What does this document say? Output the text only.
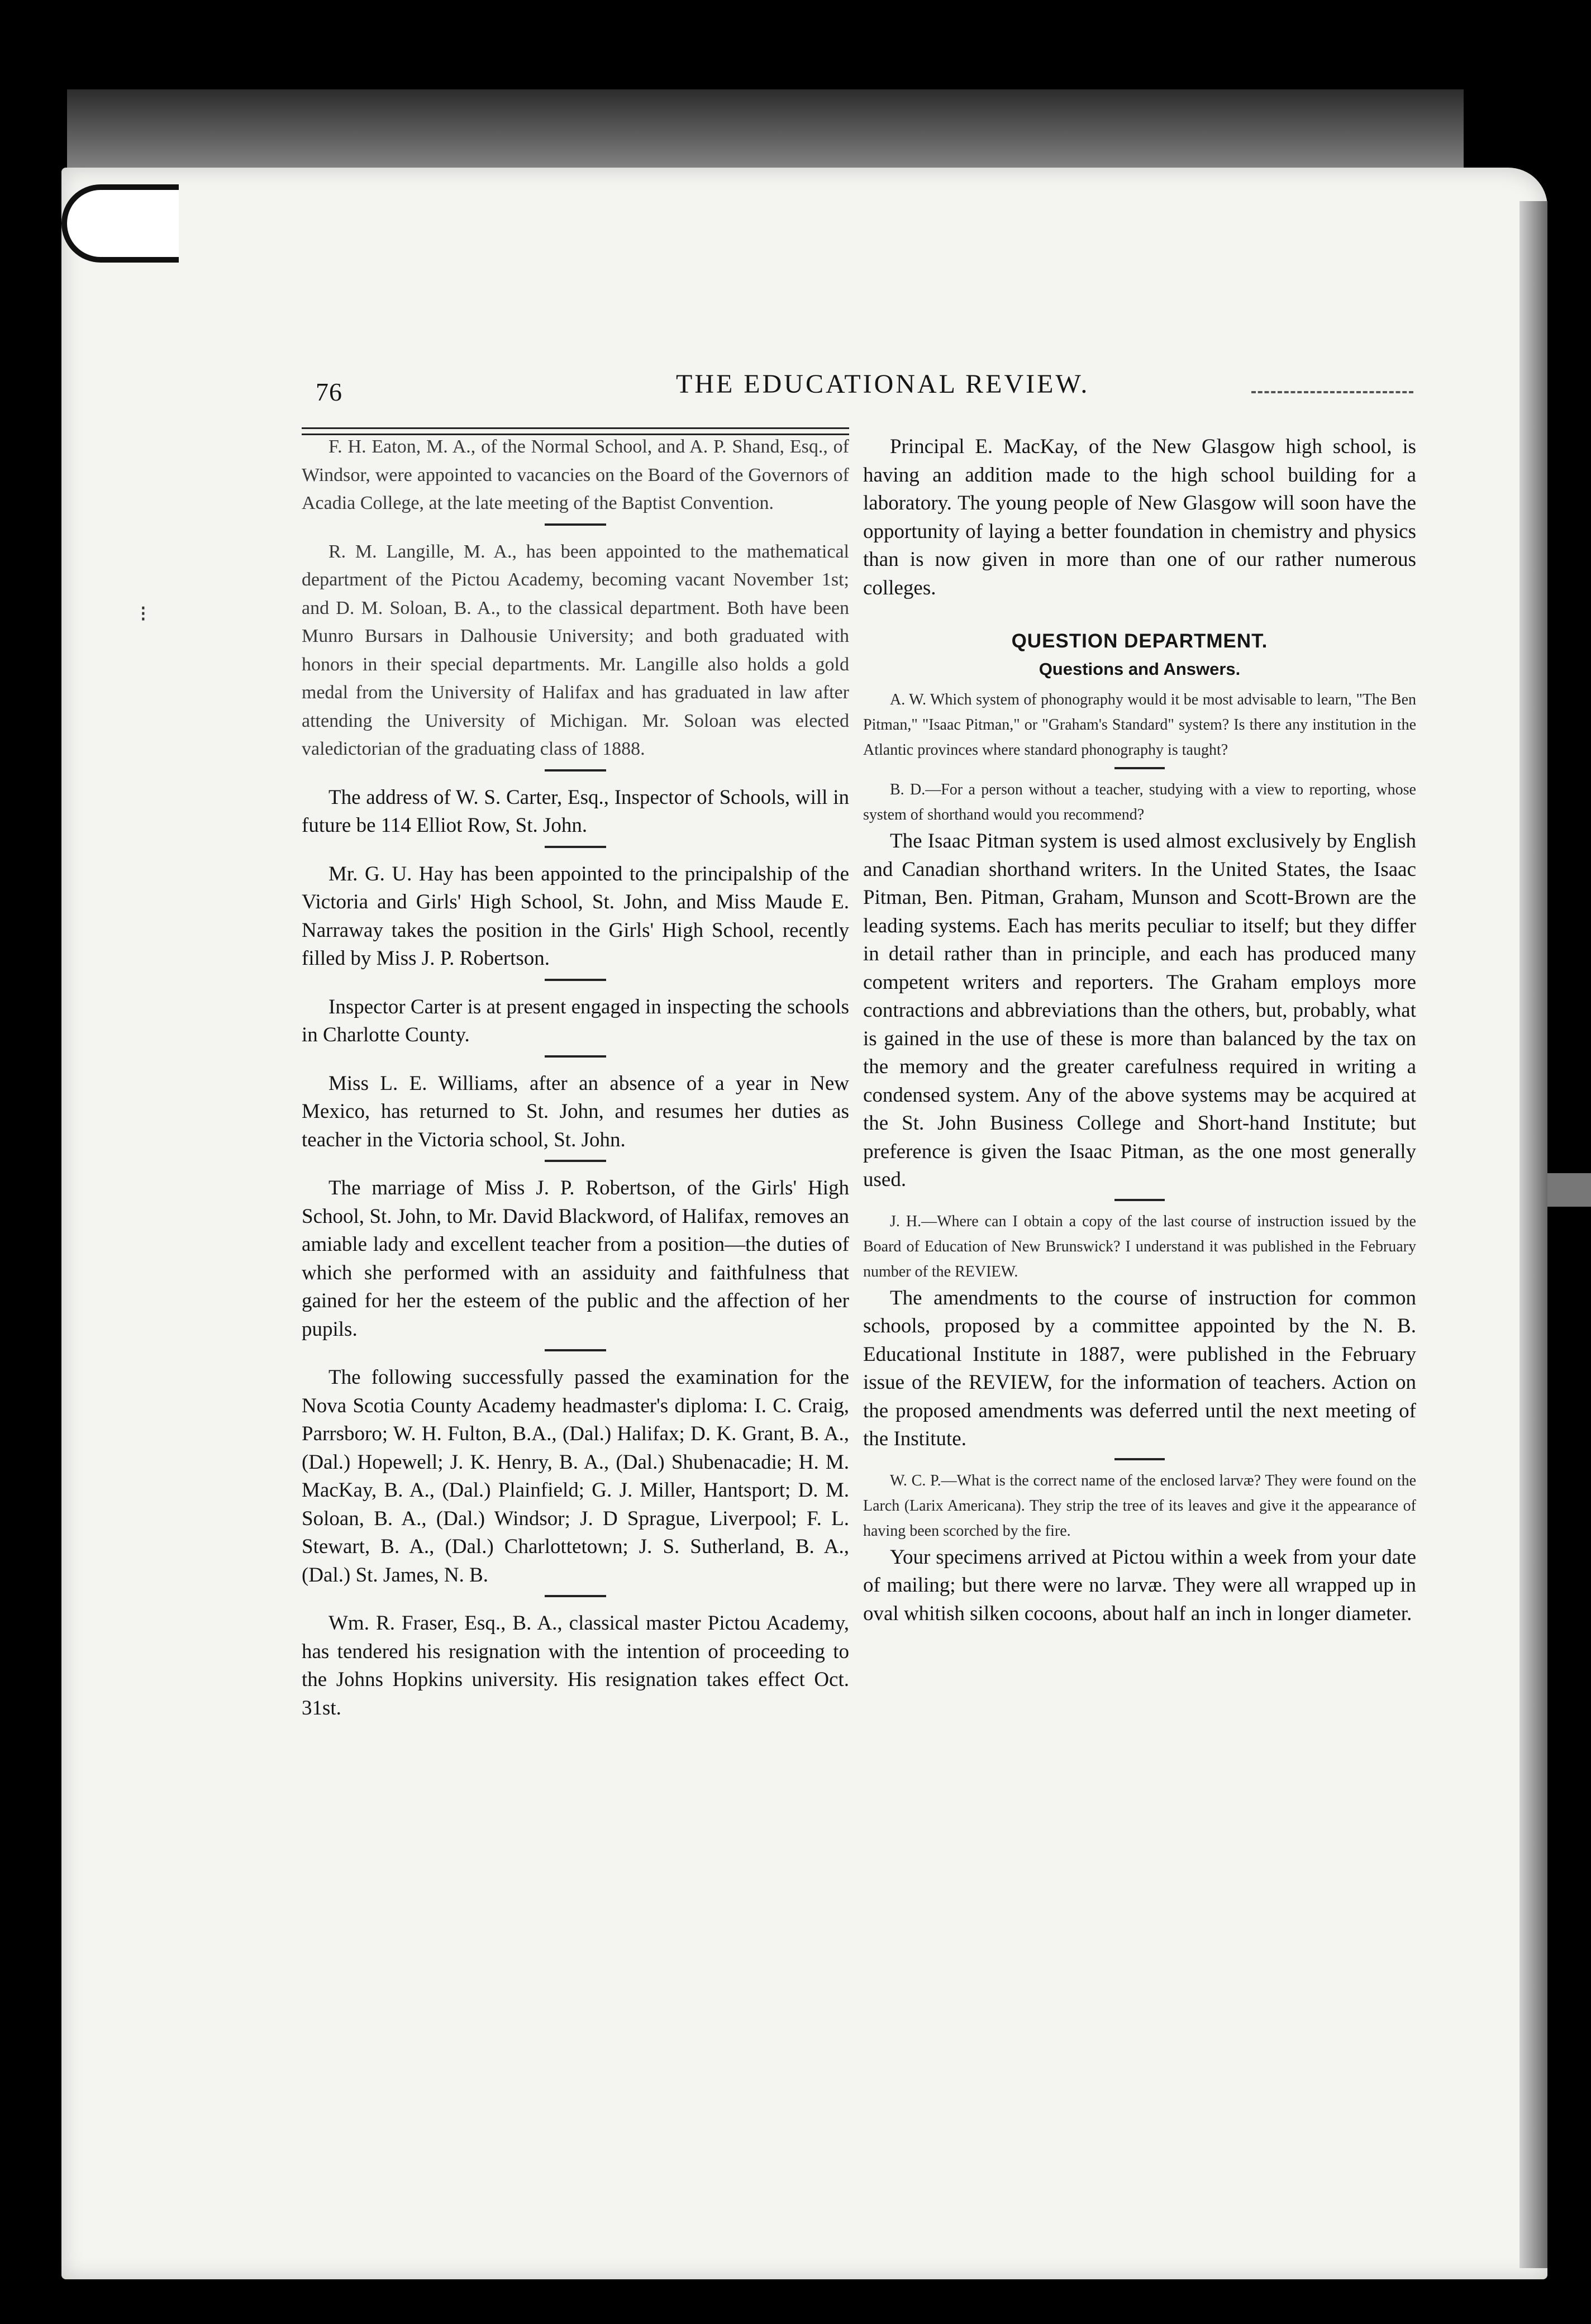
76	THE EDUCATIONAL REVIEW.
⁝

F. H. Eaton, M. A., of the Normal School, and A. P. Shand, Esq., of Windsor, were appointed to vacancies on the Board of the Governors of Acadia College, at the late meeting of the Baptist Convention.

R. M. Langille, M. A., has been appointed to the mathematical department of the Pictou Academy, becoming vacant November 1st; and D. M. Soloan, B. A., to the classical department. Both have been Munro Bursars in Dalhousie University; and both graduated with honors in their special departments. Mr. Langille also holds a gold medal from the University of Halifax and has graduated in law after attending the University of Michigan. Mr. Soloan was elected valedictorian of the graduating class of 1888.

The address of W. S. Carter, Esq., Inspector of Schools, will in future be 114 Elliot Row, St. John.

Mr. G. U. Hay has been appointed to the principalship of the Victoria and Girls' High School, St. John, and Miss Maude E. Narraway takes the position in the Girls' High School, recently filled by Miss J. P. Robertson.

Inspector Carter is at present engaged in inspecting the schools in Charlotte County.

Miss L. E. Williams, after an absence of a year in New Mexico, has returned to St. John, and resumes her duties as teacher in the Victoria school, St. John.

The marriage of Miss J. P. Robertson, of the Girls' High School, St. John, to Mr. David Blackword, of Halifax, removes an amiable lady and excellent teacher from a position—the duties of which she performed with an assiduity and faithfulness that gained for her the esteem of the public and the affection of her pupils.

The following successfully passed the examination for the Nova Scotia County Academy headmaster's diploma: I. C. Craig, Parrsboro; W. H. Fulton, B.A., (Dal.) Halifax; D. K. Grant, B. A., (Dal.) Hopewell; J. K. Henry, B. A., (Dal.) Shubenacadie; H. M. MacKay, B. A., (Dal.) Plainfield; G. J. Miller, Hantsport; D. M. Soloan, B. A., (Dal.) Windsor; J. D Sprague, Liverpool; F. L. Stewart, B. A., (Dal.) Charlottetown; J. S. Sutherland, B. A., (Dal.) St. James, N. B.

Wm. R. Fraser, Esq., B. A., classical master Pictou Academy, has tendered his resignation with the intention of proceeding to the Johns Hopkins university. His resignation takes effect Oct. 31st.

Principal E. MacKay, of the New Glasgow high school, is having an addition made to the high school building for a laboratory. The young people of New Glasgow will soon have the opportunity of laying a better foundation in chemistry and physics than is now given in more than one of our rather numerous colleges.

QUESTION DEPARTMENT.
Questions and Answers.

A. W. Which system of phonography would it be most advisable to learn, "The Ben Pitman," "Isaac Pitman," or "Graham's Standard" system? Is there any institution in the Atlantic provinces where standard phonography is taught?

B. D.—For a person without a teacher, studying with a view to reporting, whose system of shorthand would you recommend?

The Isaac Pitman system is used almost exclusively by English and Canadian shorthand writers. In the United States, the Isaac Pitman, Ben. Pitman, Graham, Munson and Scott-Brown are the leading systems. Each has merits peculiar to itself; but they differ in detail rather than in principle, and each has produced many competent writers and reporters. The Graham employs more contractions and abbreviations than the others, but, probably, what is gained in the use of these is more than balanced by the tax on the memory and the greater carefulness required in writing a condensed system. Any of the above systems may be acquired at the St. John Business College and Short-hand Institute; but preference is given the Isaac Pitman, as the one most generally used.

J. H.—Where can I obtain a copy of the last course of instruction issued by the Board of Education of New Brunswick? I understand it was published in the February number of the REVIEW.

The amendments to the course of instruction for common schools, proposed by a committee appointed by the N. B. Educational Institute in 1887, were published in the February issue of the REVIEW, for the information of teachers. Action on the proposed amendments was deferred until the next meeting of the Institute.

W. C. P.—What is the correct name of the enclosed larvæ? They were found on the Larch (Larix Americana). They strip the tree of its leaves and give it the appearance of having been scorched by the fire.

Your specimens arrived at Pictou within a week from your date of mailing; but there were no larvæ. They were all wrapped up in oval whitish silken cocoons, about half an inch in longer diameter.
